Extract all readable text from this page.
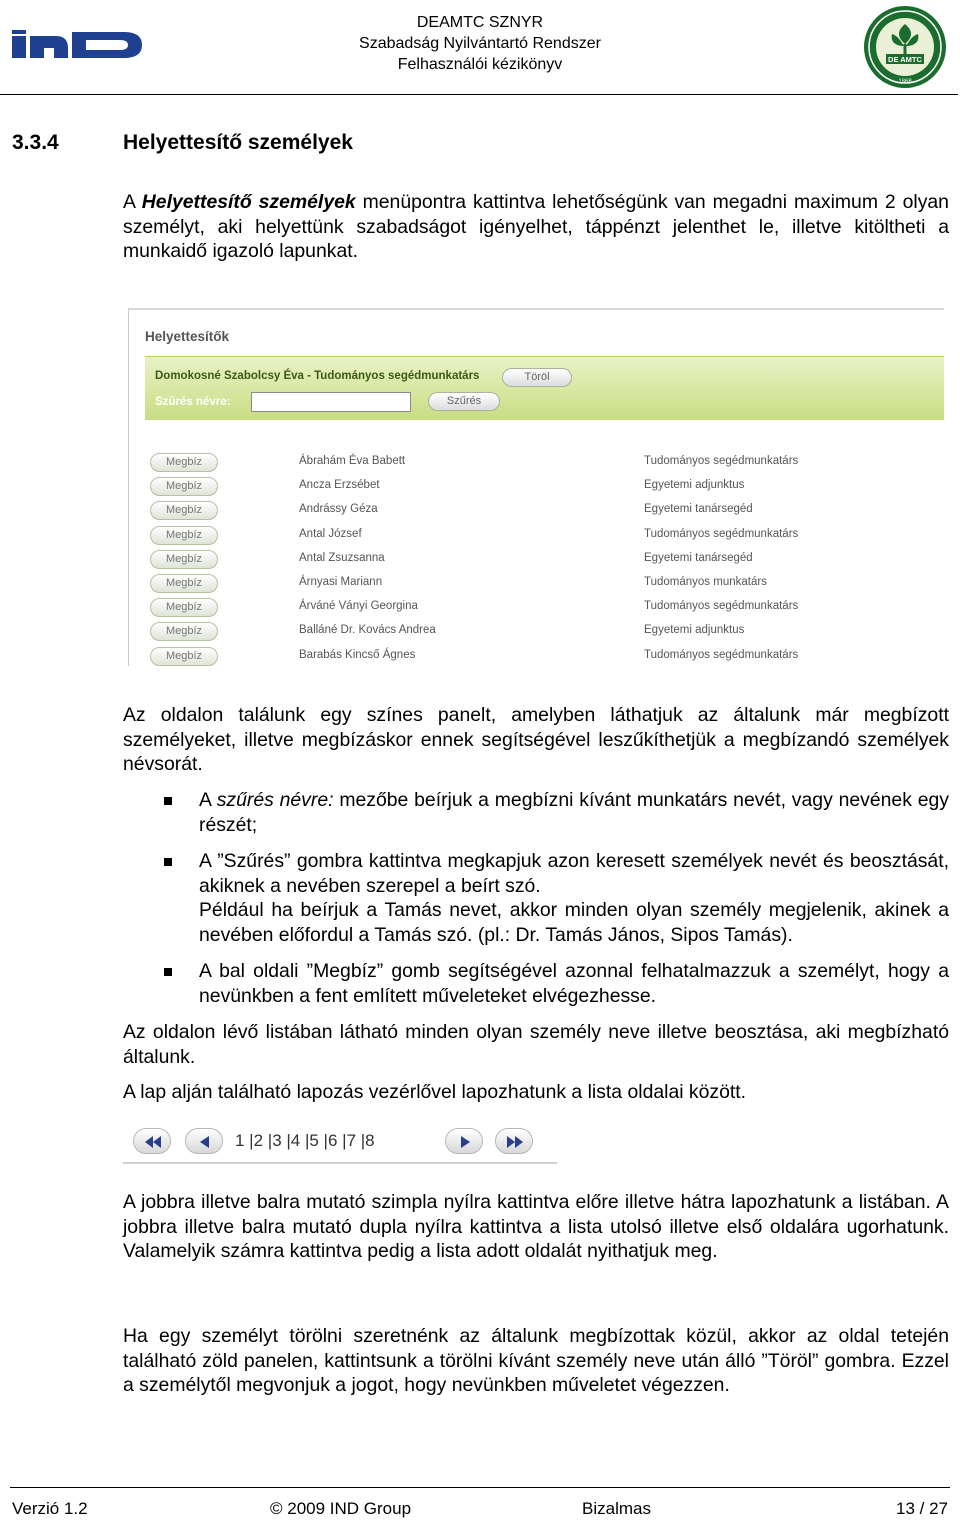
DEAMTC SZNYR
Szabadság Nyilvántartó Rendszer
Felhasználói kézikönyv	DE AMTC
1868
3.3.4	Helyettesítő személyek

A Helyettesítő személyek menüpontra kattintva lehetőségünk van megadni maximum 2 olyan személyt, aki helyettünk szabadságot igényelhet, táppénzt jelenthet le, illetve kitöltheti a munkaidő igazoló lapunkat.

Helyettesítők
Domokosné Szabolcsy Éva - Tudományos segédmunkatárs	Töröl
Szűrés névre:	Szűrés
Megbíz	Ábrahám Éva Babett	Tudományos segédmunkatárs
Megbíz	Ancza Erzsébet	Egyetemi adjunktus
Megbíz	Andrássy Géza	Egyetemi tanársegéd
Megbíz	Antal József	Tudományos segédmunkatárs
Megbíz	Antal Zsuzsanna	Egyetemi tanársegéd
Megbíz	Árnyasi Mariann	Tudományos munkatárs
Megbíz	Árváné Ványi Georgina	Tudományos segédmunkatárs
Megbíz	Balláné Dr. Kovács Andrea	Egyetemi adjunktus
Megbíz	Barabás Kincső Ágnes	Tudományos segédmunkatárs

Az oldalon találunk egy színes panelt, amelyben láthatjuk az általunk már megbízott személyeket, illetve megbízáskor ennek segítségével leszűkíthetjük a megbízandó személyek névsorát.

A szűrés névre: mezőbe beírjuk a megbízni kívánt munkatárs nevét, vagy nevének egy részét;

A ”Szűrés” gombra kattintva megkapjuk azon keresett személyek nevét és beosztását, akiknek a nevében szerepel a beírt szó.

Például ha beírjuk a Tamás nevet, akkor minden olyan személy megjelenik, akinek a nevében előfordul a Tamás szó. (pl.: Dr. Tamás János, Sipos Tamás).

A bal oldali ”Megbíz” gomb segítségével azonnal felhatalmazzuk a személyt, hogy a nevünkben a fent említett műveleteket elvégezhesse.

Az oldalon lévő listában látható minden olyan személy neve illetve beosztása, aki megbízható általunk.

A lap alján található lapozás vezérlővel lapozhatunk a lista oldalai között.

1 |2 |3 |4 |5 |6 |7 |8

A jobbra illetve balra mutató szimpla nyílra kattintva előre illetve hátra lapozhatunk a listában. A jobbra illetve balra mutató dupla nyílra kattintva a lista utolsó illetve első oldalára ugorhatunk. Valamelyik számra kattintva pedig a lista adott oldalát nyithatjuk meg.

Ha egy személyt törölni szeretnénk az általunk megbízottak közül, akkor az oldal tetején található zöld panelen, kattintsunk a törölni kívánt személy neve után álló ”Töröl” gombra. Ezzel a személytől megvonjuk a jogot, hogy nevünkben műveletet végezzen.

Verzió 1.2	© 2009 IND Group	Bizalmas	13 / 27
